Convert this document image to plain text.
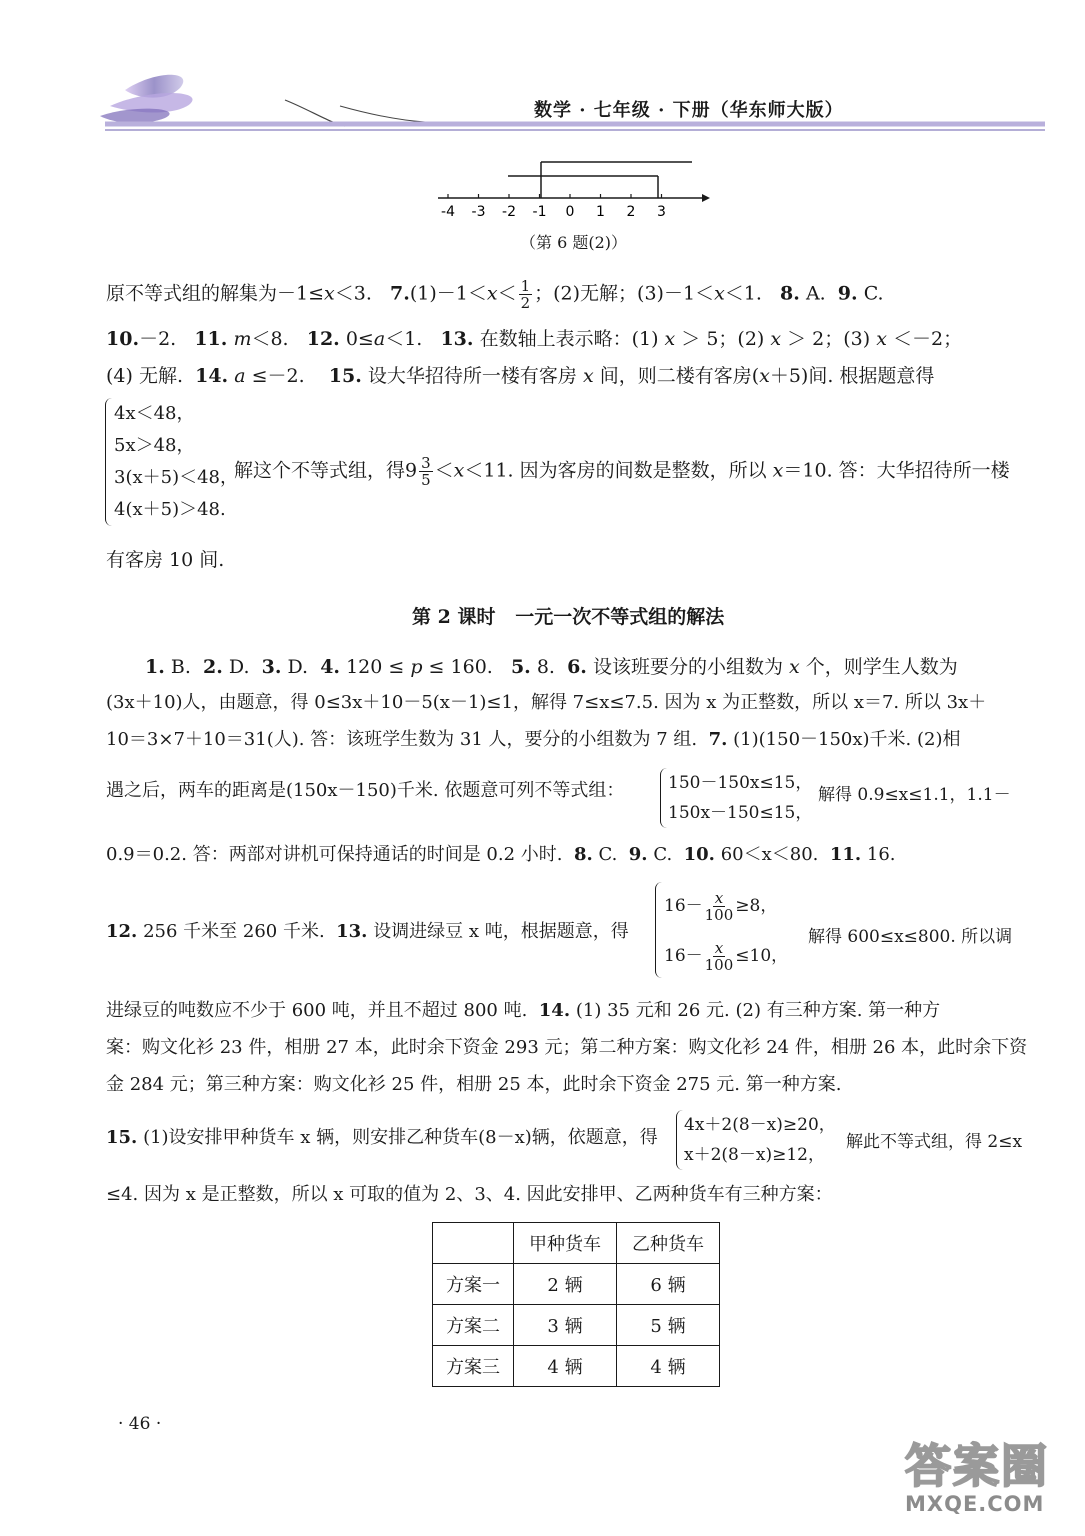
数学 · 七年级 · 下册（华东师大版）
-4 -3 -2 -1 0 1 2 3
（第 6 题(2)）
原不等式组的解集为－1≤x＜3. $7.(1)-1<x< \frac{1}{2}$ ；(2)无解；(3)－1＜x＜1. 8. A. 9. C.
10.－2. 11. m＜8. 12. 0≤a＜1. 13. 在数轴上表示略：(1) x ＞ 5；(2) x ＞ 2；(3) x ＜－2；
(4) 无解. 14. a ≤－2. 15. 设大华招待所一楼有客房 x 间，则二楼有客房(x＋5)间. 根据题意得
4x＜48，
5x＞48，
3(x＋5)＜48，
4(x＋5)＞48.
解这个不等式组，得$9 \frac{3}{5} <x<11$. 因为客房的间数是整数，所以 x＝10. 答：大华招待所一楼
有客房 10 间.
第 2 课时   一元一次不等式组的解法
1. B. 2. D. 3. D. 4. 120 ≤ p ≤ 160. 5. 8. 6. 设该班要分的小组数为 x 个，则学生人数为
(3x＋10)人，由题意，得 0≤3x＋10－5(x－1)≤1，解得 7≤x≤7.5. 因为 x 为正整数，所以 x＝7. 所以 3x＋
10＝3×7＋10＝31(人). 答：该班学生数为 31 人，要分的小组数为 7 组. 7. (1)(150－150x)千米. (2)相
遇之后，两车的距离是(150x－150)千米. 依题意可列不等式组：	150－150x≤15，
150x－150≤15，
解得 0.9≤x≤1.1，1.1－
0.9＝0.2. 答：两部对讲机可保持通话的时间是 0.2 小时. 8. C. 9. C. 10. 60＜x＜80. 11. 16.
12. 256 千米至 260 千米. 13. 设调进绿豆 x 吨，根据题意，得
$16- \frac{x}{100} \ge 8$，
$16- \frac{x}{100} \le 10$，
解得 600≤x≤800. 所以调
进绿豆的吨数应不少于 600 吨，并且不超过 800 吨. 14. (1) 35 元和 26 元. (2) 有三种方案. 第一种方
案：购文化衫 23 件，相册 27 本，此时余下资金 293 元；第二种方案：购文化衫 24 件，相册 26 本，此时余下资
金 284 元；第三种方案：购文化衫 25 件，相册 25 本，此时余下资金 275 元. 第一种方案.
15. (1)设安排甲种货车 x 辆，则安排乙种货车(8－x)辆，依题意，得
4x＋2(8－x)≥20，
x＋2(8－x)≥12，
解此不等式组，得 2≤x
≤4. 因为 x 是正整数，所以 x 可取的值为 2、3、4. 因此安排甲、乙两种货车有三种方案：
	甲种货车	乙种货车
方案一	2 辆	6 辆
方案二	3 辆	5 辆
方案三	4 辆	4 辆
· 46 ·
答案圈
MXQE.COM
